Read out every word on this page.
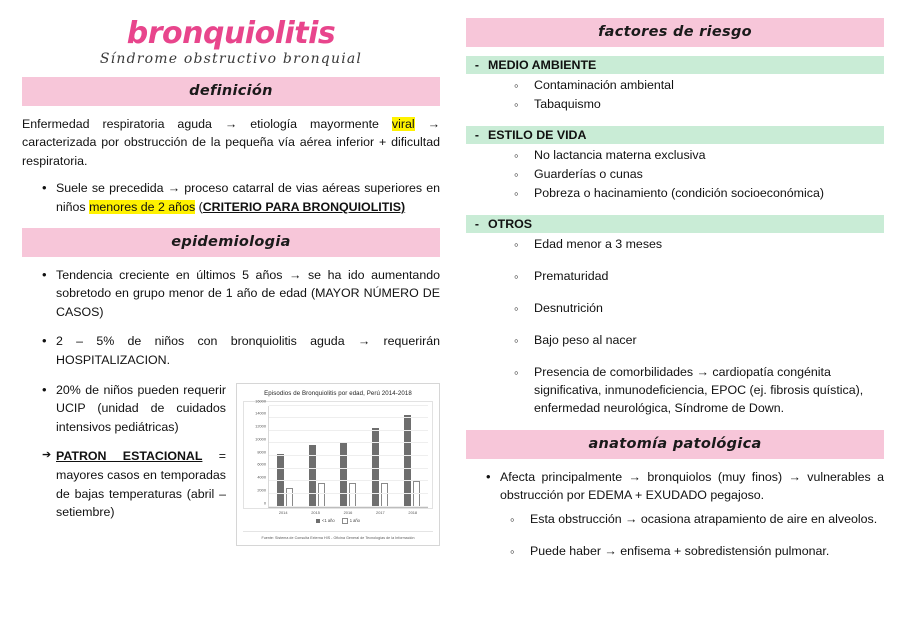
bronquiolitis
Síndrome obstructivo bronquial
definición

Enfermedad respiratoria aguda → etiología mayormente viral → caracterizada por obstrucción de la pequeña vía aérea inferior + dificultad respiratoria.

• Suele se precedida → proceso catarral de vias aéreas superiores en niños menores de 2 años (CRITERIO PARA BRONQUIOLITIS)
epidemiologia
• Tendencia creciente en últimos 5 años → se ha ido aumentando sobretodo en grupo menor de 1 año de edad (MAYOR NÚMERO DE CASOS)
• 2 – 5% de niños con bronquiolitis aguda → requerirán HOSPITALIZACION.
Episodios de Bronquiolitis por edad, Perú 2014-2018
0
2000
4000
6000
8000
10000
12000
14000
16000
2014	2015	2016	2017	2018
<1 año	1 año
Fuente: Sistema de Consulta Externa HIS - Oficina General de Tecnologías de la Información
• 20% de niños pueden requerir UCIP (unidad de cuidados intensivos pediátricas)
➔ PATRON ESTACIONAL = mayores casos en temporadas de bajas temperaturas (abril – setiembre)
factores de riesgo
- MEDIO AMBIENTE
◦ Contaminación ambiental
◦ Tabaquismo
- ESTILO DE VIDA
◦ No lactancia materna exclusiva
◦ Guarderías o cunas
◦ Pobreza o hacinamiento (condición socioeconómica)
- OTROS
◦ Edad menor a 3 meses
◦ Prematuridad
◦ Desnutrición
◦ Bajo peso al nacer
◦ Presencia de comorbilidades → cardiopatía congénita significativa, inmunodeficiencia, EPOC (ej. fibrosis quística), enfermedad neurológica, Síndrome de Down.
anatomía patológica
• Afecta principalmente → bronquiolos (muy finos) → vulnerables a obstrucción por EDEMA + EXUDADO pegajoso.
◦ Esta obstrucción → ocasiona atrapamiento de aire en alveolos.
◦ Puede haber → enfisema + sobredistensión pulmonar.
